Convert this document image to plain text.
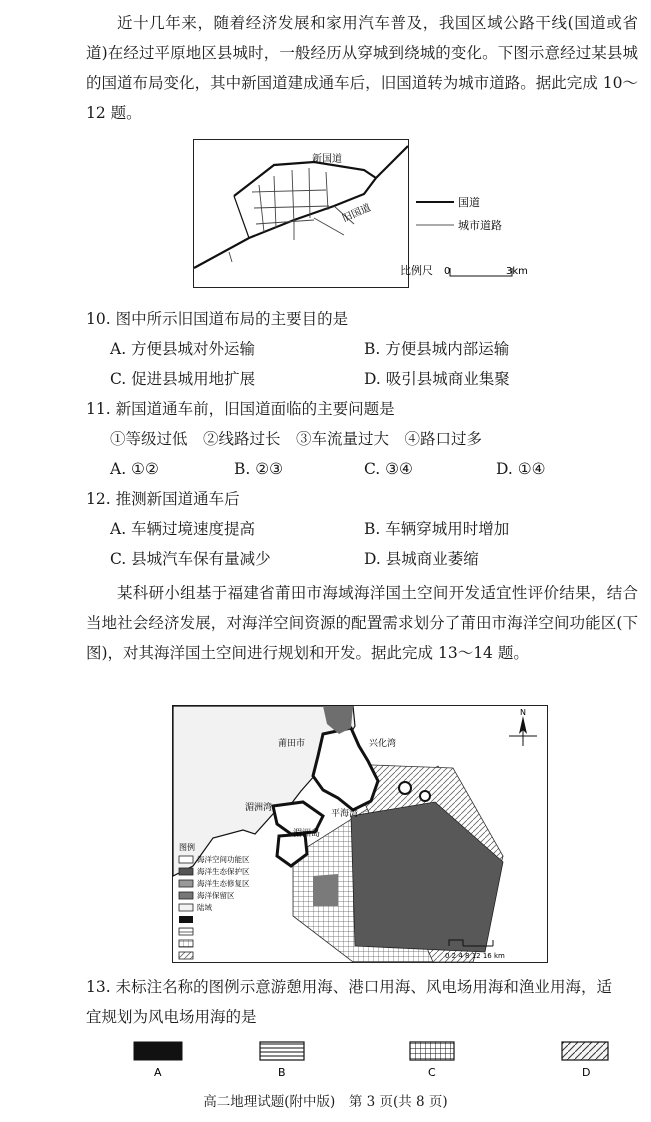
近十几年来，随着经济发展和家用汽车普及，我国区域公路干线(国道或省道)在经过平原地区县城时，一般经历从穿城到绕城的变化。下图示意经过某县城的国道布局变化，其中新国道建成通车后，旧国道转为城市道路。据此完成 10～12 题。

新国道
旧国道	国道
城市道路
比例尺 0	3km
10. 图中所示旧国道布局的主要目的是
A. 方便县城对外运输	B. 方便县城内部运输
C. 促进县城用地扩展	D. 吸引县城商业集聚
11. 新国道通车前，旧国道面临的主要问题是
①等级过低　②线路过长　③车流量过大　④路口过多
A. ①②	B. ②③	C. ③④	D. ①④
12. 推测新国道通车后
A. 车辆过境速度提高	B. 车辆穿城用时增加
C. 县城汽车保有量减少	D. 县城商业萎缩

某科研小组基于福建省莆田市海域海洋国土空间开发适宜性评价结果，结合当地社会经济发展，对海洋空间资源的配置需求划分了莆田市海洋空间功能区(下图)，对其海洋国土空间进行规划和开发。据此完成 13～14 题。

莆田市	兴化湾
平海湾
湄洲湾
湄洲岛
N
图例
海洋空间功能区
海洋生态保护区
海洋生态修复区
海洋保留区
陆域
0 2 4 8 12 16 km

13. 未标注名称的图例示意游憩用海、港口用海、风电场用海和渔业用海，适宜规划为风电场用海的是

A	B	C	D
高二地理试题(附中版)　第 3 页(共 8 页)
